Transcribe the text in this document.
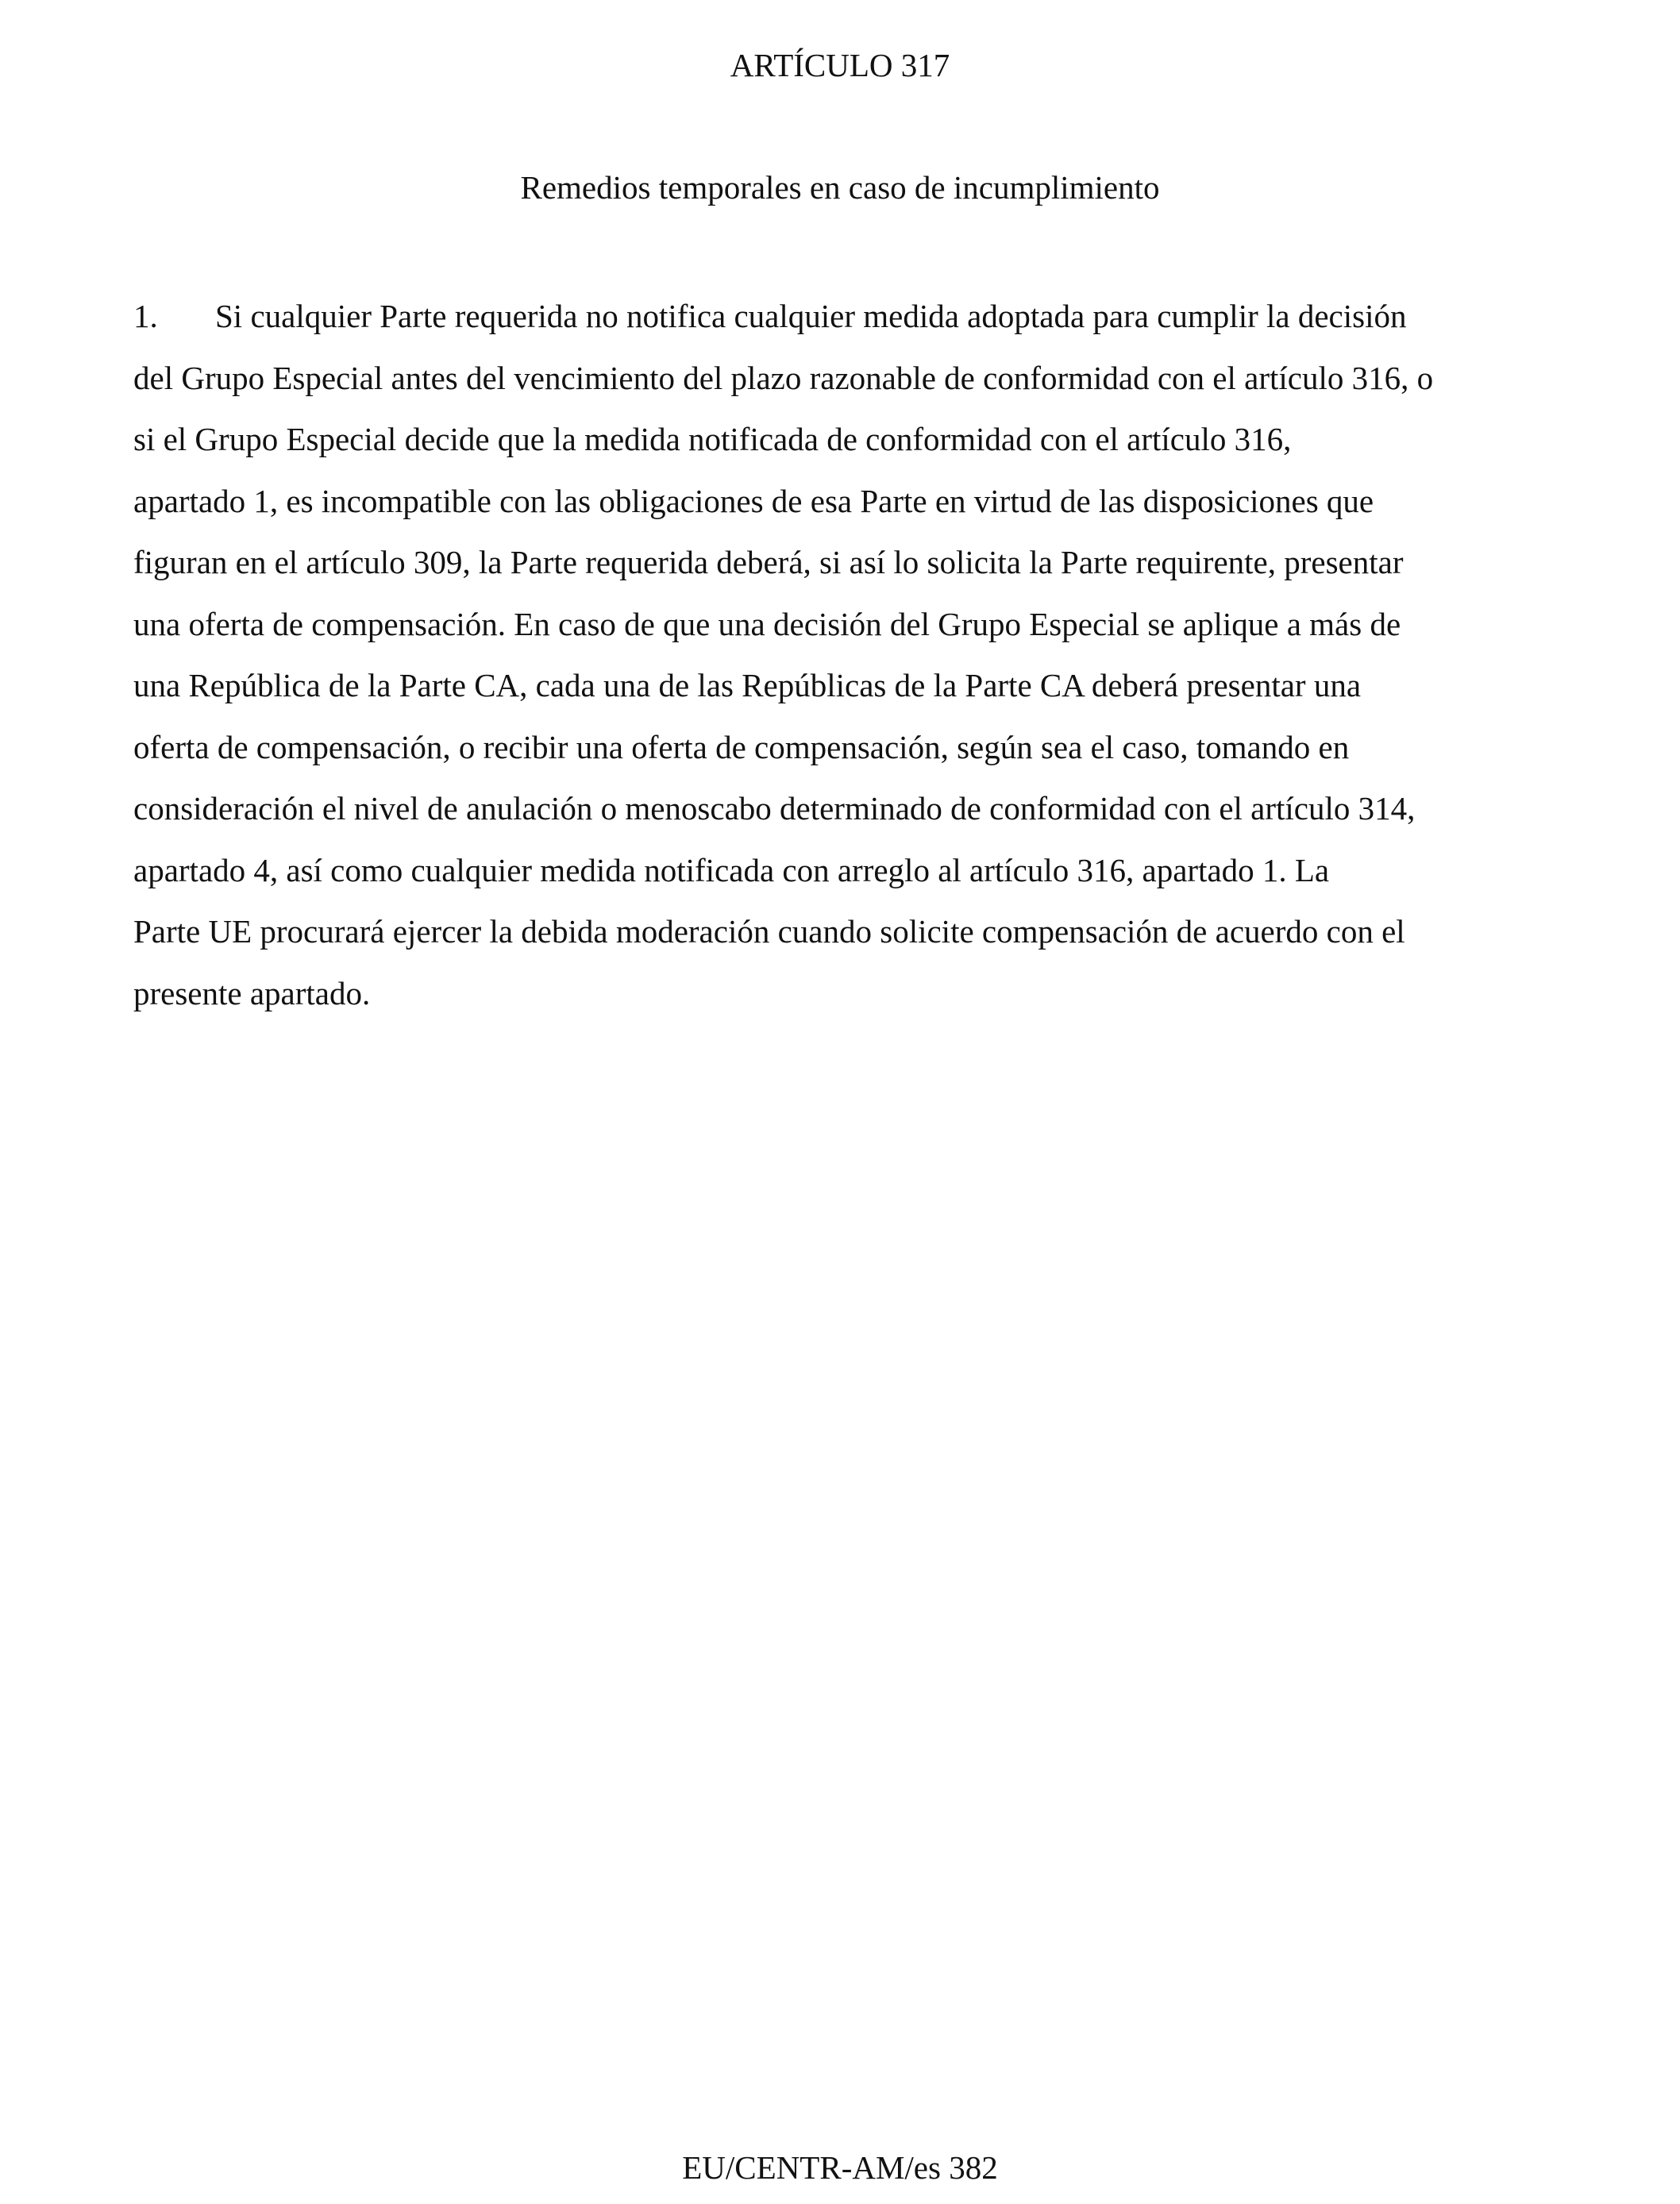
ARTÍCULO 317
Remedios temporales en caso de incumplimiento
1. Si cualquier Parte requerida no notifica cualquier medida adoptada para cumplir la decisión
del Grupo Especial antes del vencimiento del plazo razonable de conformidad con el artículo 316, o
si el Grupo Especial decide que la medida notificada de conformidad con el artículo 316,
apartado 1, es incompatible con las obligaciones de esa Parte en virtud de las disposiciones que
figuran en el artículo 309, la Parte requerida deberá, si así lo solicita la Parte requirente, presentar
una oferta de compensación. En caso de que una decisión del Grupo Especial se aplique a más de
una República de la Parte CA, cada una de las Repúblicas de la Parte CA deberá presentar una
oferta de compensación, o recibir una oferta de compensación, según sea el caso, tomando en
consideración el nivel de anulación o menoscabo determinado de conformidad con el artículo 314,
apartado 4, así como cualquier medida notificada con arreglo al artículo 316, apartado 1. La
Parte UE procurará ejercer la debida moderación cuando solicite compensación de acuerdo con el
presente apartado.
EU/CENTR-AM/es 382
